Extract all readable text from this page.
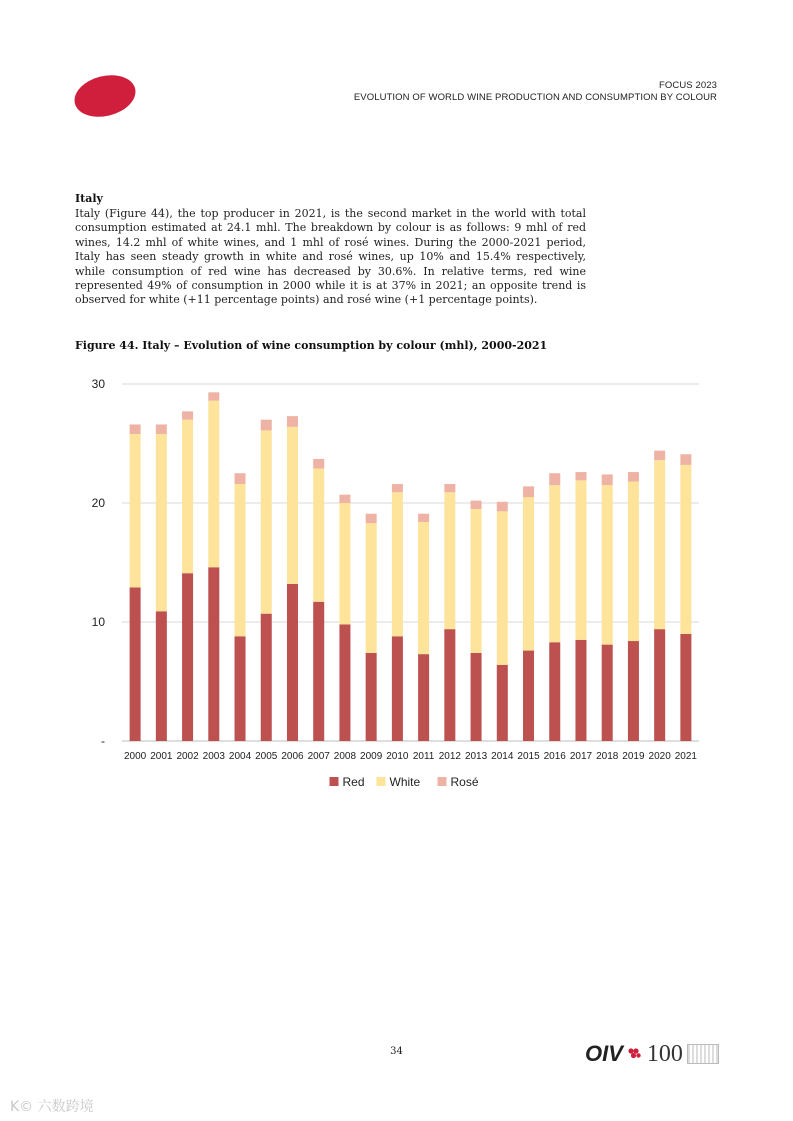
FOCUS 2023
EVOLUTION OF WORLD WINE PRODUCTION AND CONSUMPTION BY COLOUR
Italy
Italy (Figure 44), the top producer in 2021, is the second market in the world with total consumption estimated at 24.1 mhl. The breakdown by colour is as follows: 9 mhl of red wines, 14.2 mhl of white wines, and 1 mhl of rosé wines. During the 2000-2021 period, Italy has seen steady growth in white and rosé wines, up 10% and 15.4% respectively, while consumption of red wine has decreased by 30.6%. In relative terms, red wine represented 49% of consumption in 2000 while it is at 37% in 2021; an opposite trend is observed for white (+11 percentage points) and rosé wine (+1 percentage points).
Figure 44. Italy – Evolution of wine consumption by colour (mhl), 2000-2021
-
10
20
30
2000 2001 2002 2003 2004 2005 2006 2007 2008 2009 2010 2011 2012 2013 2014 2015 2016 2017 2018 2019 2020 2021
Red White	Rosé
34	OIV 100
K© 六数跨境
